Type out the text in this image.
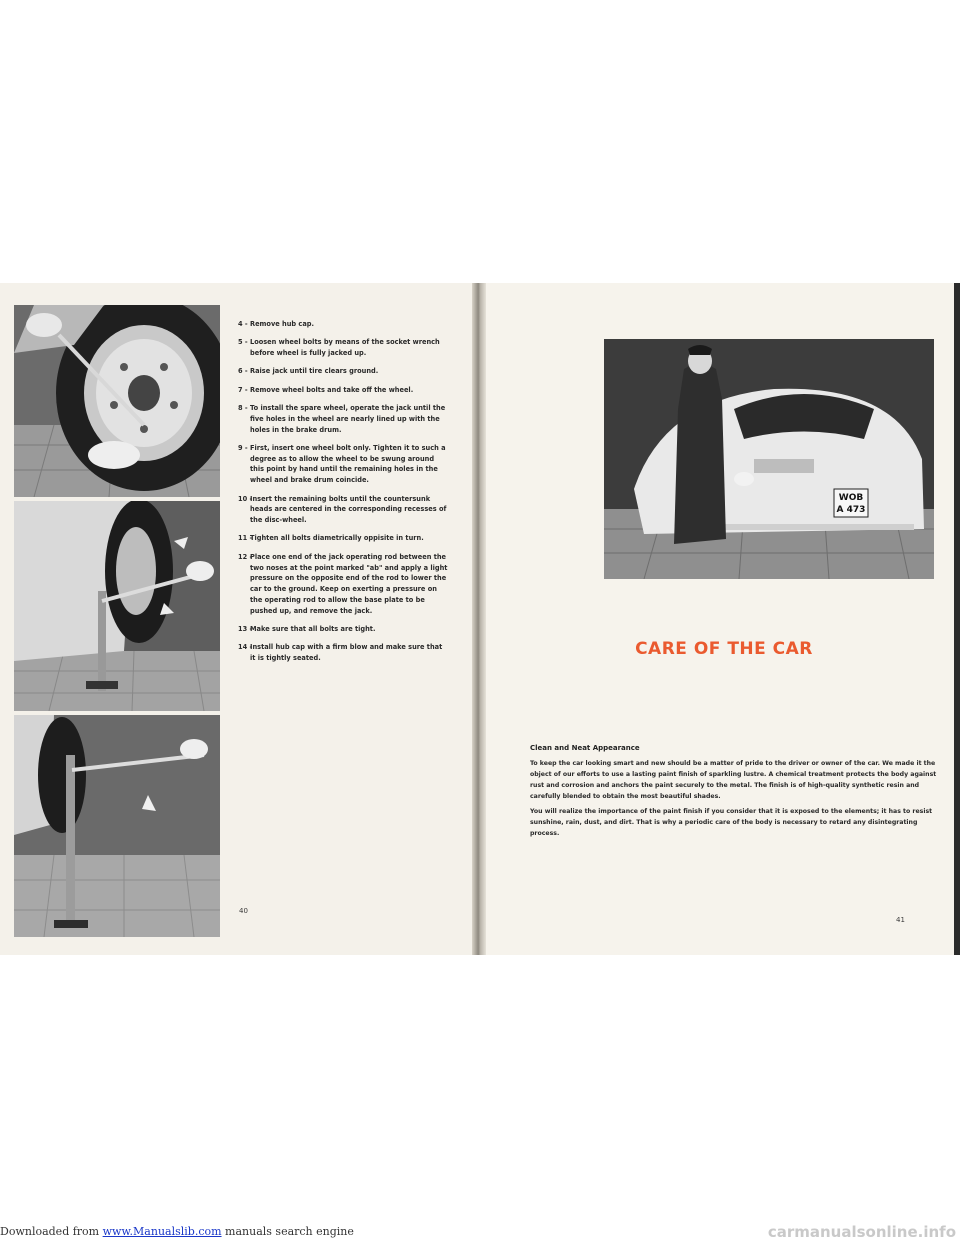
4 - Remove hub cap.
5 - Loosen wheel bolts by means of the socket wrench before wheel is fully jacked up.
6 - Raise jack until tire clears ground.
7 - Remove wheel bolts and take off the wheel.
8 - To install the spare wheel, operate the jack until the five holes in the wheel are nearly lined up with the holes in the brake drum.
9 - First, insert one wheel bolt only. Tighten it to such a degree as to allow the wheel to be swung around this point by hand until the remaining holes in the wheel and brake drum coincide.
10 -
Insert the remaining bolts until the countersunk heads are centered in the corresponding recesses of the disc-wheel.
11 -
Tighten all bolts diametrically oppisite in turn.
12 -
Place one end of the jack operating rod between the two noses at the point marked "ab" and apply a light pressure on the opposite end of the rod to lower the car to the ground. Keep on exerting a pressure on the operating rod to allow the base plate to be pushed up, and remove the jack.
13 -
Make sure that all bolts are tight.
14 -
Install hub cap with a firm blow and make sure that it is tightly seated.
40
WOB
A 473
41
CARE OF THE CAR
Clean and Neat Appearance

To keep the car looking smart and new should be a matter of pride to the driver or owner of the car. We made it the object of our efforts to use a lasting paint finish of sparkling lustre. A chemical treatment protects the body against rust and corrosion and anchors the paint securely to the metal. The finish is of high-quality synthetic resin and carefully blended to obtain the most beautiful shades.

You will realize the importance of the paint finish if you consider that it is exposed to the elements; it has to resist sunshine, rain, dust, and dirt. That is why a periodic care of the body is necessary to retard any disintegrating process.

Downloaded from www.Manualslib.com manuals search engine	carmanualsonline.info
